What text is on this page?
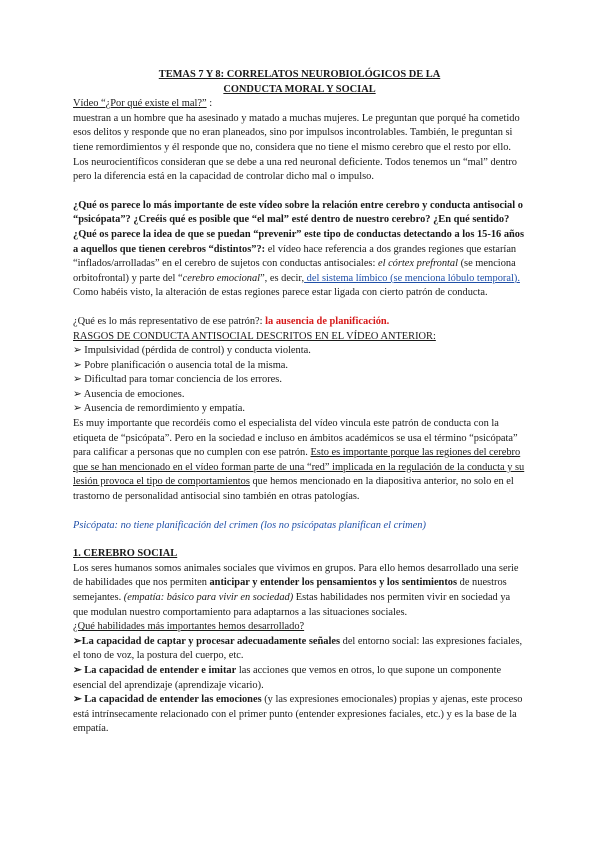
TEMAS 7 Y 8: CORRELATOS NEUROBIOLÓGICOS DE LA
CONDUCTA MORAL Y SOCIAL

Vídeo “¿Por qué existe el mal?” :
muestran a un hombre que ha asesinado y matado a muchas mujeres. Le preguntan que porqué ha cometido esos delitos y responde que no eran planeados, sino por impulsos incontrolables. También, le preguntan si tiene remordimientos y él responde que no, considera que no tiene el mismo cerebro que el resto por ello. Los neurocientíficos consideran que se debe a una red neuronal deficiente. Todos tenemos un “mal” dentro pero la diferencia está en la capacidad de controlar dicho mal o impulso.

¿Qué os parece lo más importante de este vídeo sobre la relación entre cerebro y conducta antisocial o “psicópata”? ¿Creéis qué es posible que “el mal” esté dentro de nuestro cerebro? ¿En qué sentido? ¿Qué os parece la idea de que se puedan “prevenir” este tipo de conductas detectando a los 15-16 años a aquellos que tienen cerebros “distintos”?: el vídeo hace referencia a dos grandes regiones que estarían “inflados/arrolladas” en el cerebro de sujetos con conductas antisociales: el córtex prefrontal (se menciona orbitofrontal) y parte del “cerebro emocional”, es decir, del sistema límbico (se menciona lóbulo temporal). Como habéis visto, la alteración de estas regiones parece estar ligada con cierto patrón de conducta.

¿Qué es lo más representativo de ese patrón?: la ausencia de planificación.

RASGOS DE CONDUCTA ANTISOCIAL DESCRITOS EN EL VÍDEO ANTERIOR:

➢ Impulsividad (pérdida de control) y conducta violenta.

➢ Pobre planificación o ausencia total de la misma.

➢ Dificultad para tomar conciencia de los errores.

➢ Ausencia de emociones.

➢ Ausencia de remordimiento y empatía.

Es muy importante que recordéis como el especialista del vídeo vincula este patrón de conducta con la etiqueta de “psicópata”. Pero en la sociedad e incluso en ámbitos académicos se usa el término “psicópata” para calificar a personas que no cumplen con ese patrón. Esto es importante porque las regiones del cerebro que se han mencionado en el vídeo forman parte de una “red” implicada en la regulación de la conducta y su lesión provoca el tipo de comportamientos que hemos mencionado en la diapositiva anterior, no solo en el trastorno de personalidad antisocial sino también en otras patologías.

Psicópata: no tiene planificación del crimen (los no psicópatas planifican el crimen)

1. CEREBRO SOCIAL

Los seres humanos somos animales sociales que vivimos en grupos. Para ello hemos desarrollado una serie de habilidades que nos permiten anticipar y entender los pensamientos y los sentimientos de nuestros semejantes. (empatía: básico para vivir en sociedad) Estas habilidades nos permiten vivir en sociedad ya que modulan nuestro comportamiento para adaptarnos a las situaciones sociales.

¿Qué habilidades más importantes hemos desarrollado?

➢La capacidad de captar y procesar adecuadamente señales del entorno social: las expresiones faciales, el tono de voz, la postura del cuerpo, etc.

➢ La capacidad de entender e imitar las acciones que vemos en otros, lo que supone un componente esencial del aprendizaje (aprendizaje vicario).

➢ La capacidad de entender las emociones (y las expresiones emocionales) propias y ajenas, este proceso está intrínsecamente relacionado con el primer punto (entender expresiones faciales, etc.) y es la base de la empatía.
